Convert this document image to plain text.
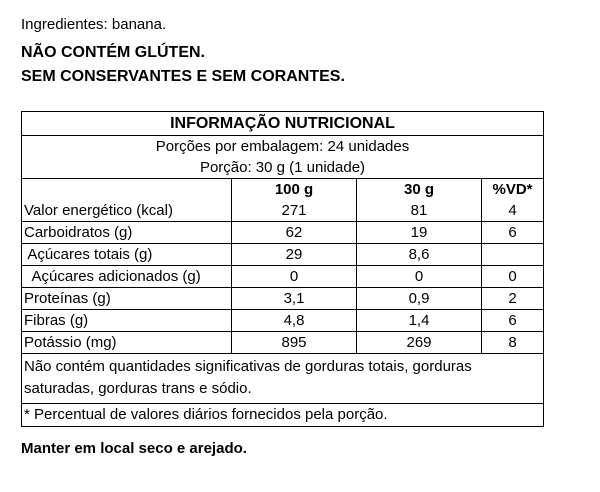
Ingredientes: banana.
NÃO CONTÉM GLÚTEN.
SEM CONSERVANTES E SEM CORANTES.
INFORMAÇÃO NUTRICIONAL
Porções por embalagem: 24 unidades
Porção: 30 g (1 unidade)
100 g	30 g	%VD*
Valor energético (kcal)	271	81	4
Carboidratos (g)	62	19	6
Açúcares totais (g)	29	8,6
Açúcares adicionados (g)	0	0	0
Proteínas (g)	3,1	0,9	2
Fibras (g)	4,8	1,4	6
Potássio (mg)	895	269	8
Não contém quantidades significativas de gorduras totais, gorduras saturadas, gorduras trans e sódio.
* Percentual de valores diários fornecidos pela porção.
Manter em local seco e arejado.
